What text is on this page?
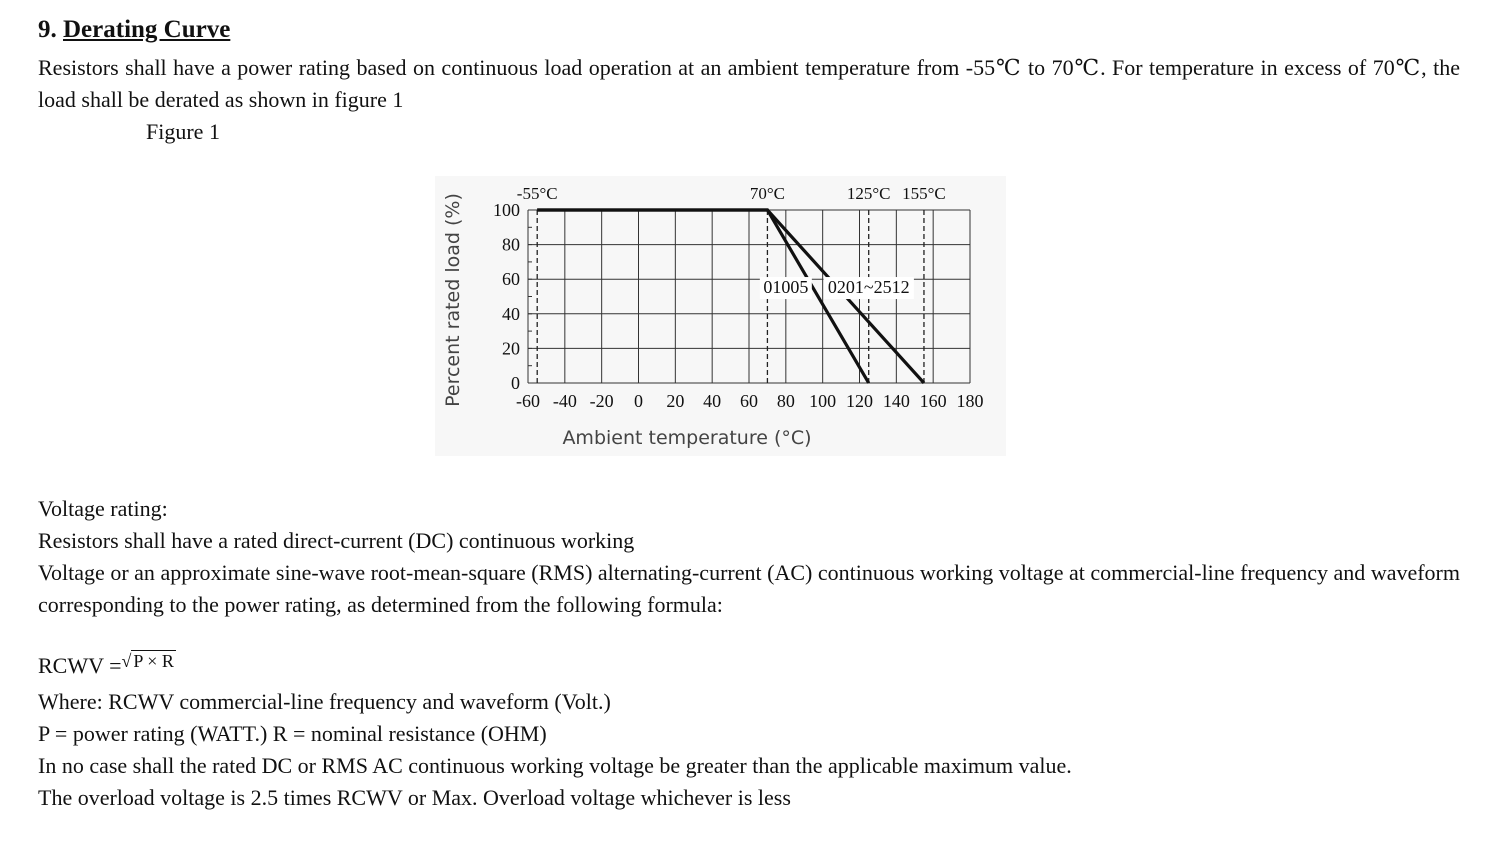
9. Derating Curve
Resistors shall have a power rating based on continuous load operation at an ambient temperature from -55℃ to 70℃. For temperature in excess of 70℃, the load shall be derated as shown in figure 1
Figure 1
01005 0201~2512
-60 -40 -20 0 20 40 60 80 100 120 140 160 180
0
20
40
60
80
100
-55°C	70°C	125°C 155°C
Ambient temperature (°C)
Percent rated load (%)
Voltage rating:
Resistors shall have a rated direct-current (DC) continuous working
Voltage or an approximate sine-wave root-mean-square (RMS) alternating-current (AC) continuous working voltage at commercial-line frequency and waveform corresponding to the power rating, as determined from the following formula:
RCWV =√ P × R
Where: RCWV commercial-line frequency and waveform (Volt.)
P = power rating (WATT.) R = nominal resistance (OHM)
In no case shall the rated DC or RMS AC continuous working voltage be greater than the applicable maximum value.
The overload voltage is 2.5 times RCWV or Max. Overload voltage whichever is less
